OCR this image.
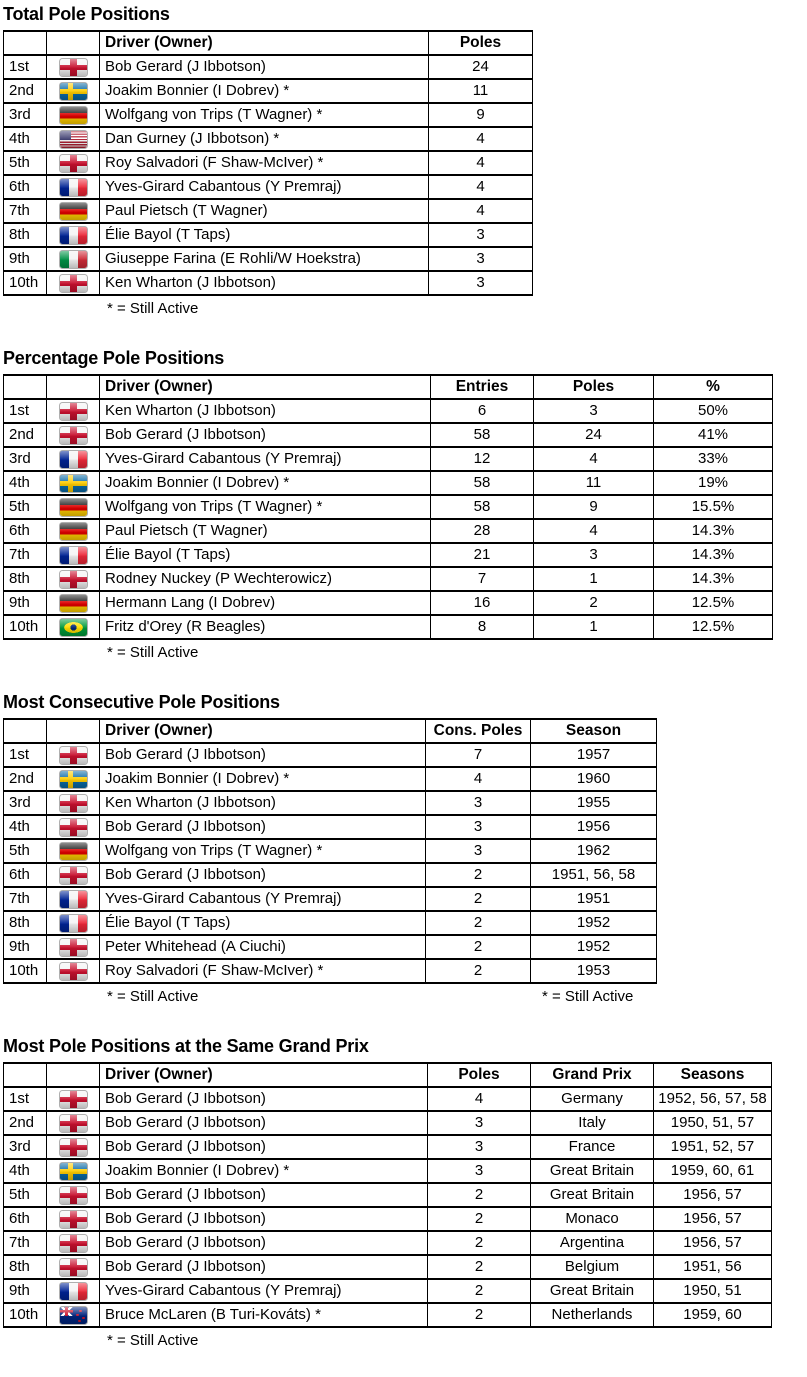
Total Pole Positions
		Driver (Owner)	Poles
1st		Bob Gerard (J Ibbotson)	24
2nd		Joakim Bonnier (I Dobrev) *	11
3rd		Wolfgang von Trips (T Wagner) *	9
4th		Dan Gurney (J Ibbotson) *	4
5th		Roy Salvadori (F Shaw-McIver) *	4
6th		Yves-Girard Cabantous (Y Premraj)	4
7th		Paul Pietsch (T Wagner)	4
8th		Élie Bayol (T Taps)	3
9th		Giuseppe Farina (E Rohli/W Hoekstra)	3
10th		Ken Wharton (J Ibbotson)	3
* = Still Active
Percentage Pole Positions
		Driver (Owner)	Entries	Poles	%
1st		Ken Wharton (J Ibbotson)	6	3	50%
2nd		Bob Gerard (J Ibbotson)	58	24	41%
3rd		Yves-Girard Cabantous (Y Premraj)	12	4	33%
4th		Joakim Bonnier (I Dobrev) *	58	11	19%
5th		Wolfgang von Trips (T Wagner) *	58	9	15.5%
6th		Paul Pietsch (T Wagner)	28	4	14.3%
7th		Élie Bayol (T Taps)	21	3	14.3%
8th		Rodney Nuckey (P Wechterowicz)	7	1	14.3%
9th		Hermann Lang (I Dobrev)	16	2	12.5%
10th		Fritz d'Orey (R Beagles)	8	1	12.5%
* = Still Active
Most Consecutive Pole Positions
		Driver (Owner)	Cons. Poles	Season
1st		Bob Gerard (J Ibbotson)	7	1957
2nd		Joakim Bonnier (I Dobrev) *	4	1960
3rd		Ken Wharton (J Ibbotson)	3	1955
4th		Bob Gerard (J Ibbotson)	3	1956
5th		Wolfgang von Trips (T Wagner) *	3	1962
6th		Bob Gerard (J Ibbotson)	2	1951, 56, 58
7th		Yves-Girard Cabantous (Y Premraj)	2	1951
8th		Élie Bayol (T Taps)	2	1952
9th		Peter Whitehead (A Ciuchi)	2	1952
10th		Roy Salvadori (F Shaw-McIver) *	2	1953
* = Still Active	* = Still Active
Most Pole Positions at the Same Grand Prix
		Driver (Owner)	Poles	Grand Prix	Seasons
1st		Bob Gerard (J Ibbotson)	4	Germany	1952, 56, 57, 58
2nd		Bob Gerard (J Ibbotson)	3	Italy	1950, 51, 57
3rd		Bob Gerard (J Ibbotson)	3	France	1951, 52, 57
4th		Joakim Bonnier (I Dobrev) *	3	Great Britain	1959, 60, 61
5th		Bob Gerard (J Ibbotson)	2	Great Britain	1956, 57
6th		Bob Gerard (J Ibbotson)	2	Monaco	1956, 57
7th		Bob Gerard (J Ibbotson)	2	Argentina	1956, 57
8th		Bob Gerard (J Ibbotson)	2	Belgium	1951, 56
9th		Yves-Girard Cabantous (Y Premraj)	2	Great Britain	1950, 51
10th		Bruce McLaren (B Turi-Kováts) *	2	Netherlands	1959, 60
* = Still Active
